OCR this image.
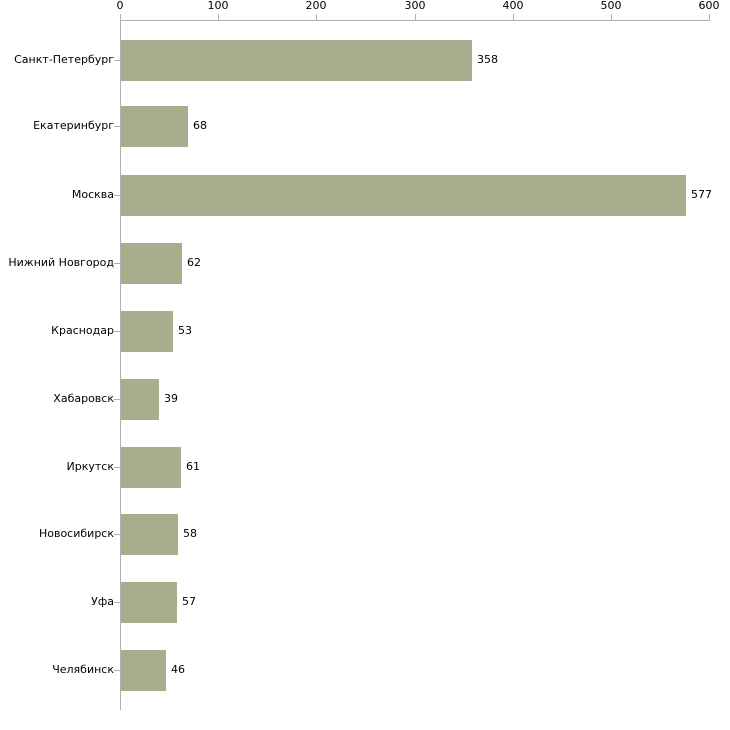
0	100	200	300	400	500	600
Санкт-Петербург
Екатеринбург
Москва
Нижний Новгород
Краснодар
Хабаровск
Иркутск
Новосибирск
Уфа
Челябинск
358
68
577
62
53
39
61
58
57
46
